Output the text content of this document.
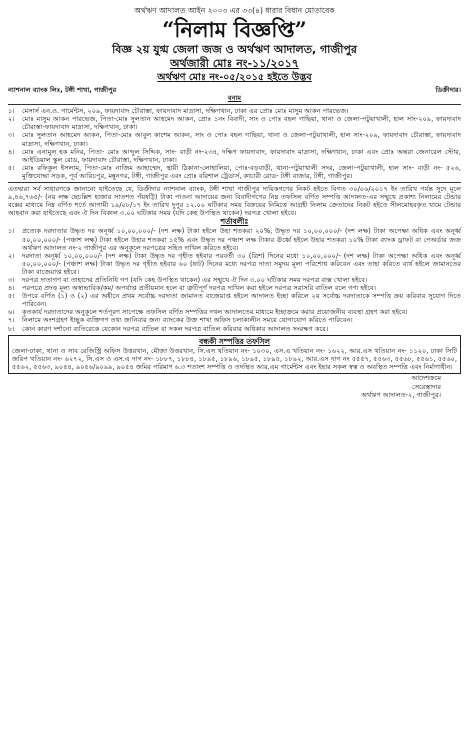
অর্থঋণ আদালত আইন ২০০৩ এর ৩৩(৪) ধারার বিধান মোতাবেক

“নিলাম বিজ্ঞপ্তি”

বিজ্ঞ ২য় যুগ্ম জেলা জজ ও অর্থঋণ আদালত, গাজীপুর

অর্থজারী মোঃ নং-১১/২০১৭

অর্থঋণ মোঃ নং-০৫/২০১৫ হইতে উদ্ভব

ন্যাশনাল ব্যাংক লিঃ, টঙ্গী শাখা, গাজীপুর	ডিক্রীদার।

বনাম

১।	মেসার্স এন.ও. গার্মেন্টস, ২০৯, ফায়দাবাদ চৌরাস্তা, ফায়দাবাদ মাদ্রাসা, দক্ষিণখান, ঢাকা এর প্রোঃ মোঃ মাসুম আকন পারভেজ।
২।	মোঃ মাসুম আকন পারভেজ, পিতা-মোঃ সুলতান আহমেদ আকন, প্রোঃ ১নং বিবাদী, সাং ও পোঃ বহল গাছিয়া, থানা ও জেলা-পটুয়াখালী, হাল সাং-২০৯, ফায়দাবাদ চৌরাস্তা-ফায়দাবাদ মাদ্রাসা, দক্ষিণখান, ঢাকা।
৩।	মোঃ সুলতান আহমেদ আকন, পিতা-মোঃ আবুল কাশেম আকন, সাং ও পোঃ বহল গাছিয়া, থানা ও জেলা-পটুয়াখালী, হাল সাং-২০৯, ফায়দাবাদ চৌরাস্তা, ফায়দাবাদ মাদ্রাসা, দক্ষিণখান, ঢাকা।
৪।	মোঃ এনামুল হক মনির, পিতা- মোঃ আব্দুল সিদ্দিক, সাং- বাড়ী নং-২৩৪, দক্ষিণ ফায়দাবাদ, ফায়দাবাদ মাদ্রাসা, দক্ষিণখান, ঢাকা এবং প্রোঃ অন্তরা জেনারেল স্টোর, আইডিয়াল স্কুল রোড, ফায়দাবাদ চৌরাস্তা, দক্ষিণখান, ঢাকা।
৫।	মোঃ রফিকুল ইসলাম, পিতা-মোঃ নাজিম আহাম্মেদ, স্থায়ী ঠিকানা-লোহালিয়া, পোঃ-বড়বাড়ী, থানা-পটুয়াখালী সদর, জেলা-পটুয়াখালী, হাল সাং- বাড়ী নং- ৫২৬, মুক্তিযোদ্ধা সড়ক, পূর্ব আরিচপুর, মন্নুনগর, টঙ্গী, গাজীপুর এবং প্রোঃ বরিশাল ট্রেডার্স, কাচারী রোড- টঙ্গী বাজার, টঙ্গী, গাজীপুর।

এতদ্বারা সর্ব সাধারণকে জানানো যাইতেছে যে, ডিক্রীদার ন্যাশনাল ব্যাংক, টঙ্গী শাখা গাজীপুর দায়িকগণের নিকট হইতে বিগত ৩০/০৬/২০১৭ ইং তারিখ পর্যন্ত সুদে মূলে ৯,৪৬,৭৬৫/- (নয় লক্ষ ছেচল্লিশ হাজার সাতশত পঁয়ষট্টি) টাকা পাওনা আদায়ের জন্য বিবাদীগণের নিম্ন তফসিল বর্ণিত সম্পত্তি আদালত-এর সম্মুখে প্রকাশ্য নিলামের টেন্ডার বক্সের মাধ্যমে নিম্ন বর্ণিত শর্তে আগামী ১৯/০৮/১৭ ইং তারিখ দুপুর ১২.০০ ঘটিকার সময় বিক্রয়ের নিমিত্তে আগ্রহী নিলাম ক্রেতাদের নিকট হইতে সীলমোহরকৃত খামে টেন্ডার আহবান করা যাইতেছে এবং ঐ দিন বিকাল ৩.০০ ঘটিকার সময় (যদি কেহ উপস্থিত থাকেন) দরপত্র খোলা হইবে।

শর্তাবলীঃ

১।	প্রত্যেক দরদাতার উদ্ধৃত দর অনূর্ধ্ব ১০,০০,০০০/- (দশ লক্ষ) টাকা হইলে উহা শতকরা ২০%, উদ্ধৃত দর ১০,০০,০০০/- (দশ লক্ষ) টাকা অপেক্ষা অধিক এবং অনূর্ধ্ব ৫০,০০,০০০/- (পঞ্চাশ লক্ষ) টাকা হইলে উহার শতকরা ১৫% এবং উদ্ধৃত দর পঞ্চাশ লক্ষ টাকার ঊর্ধ্বে হইলে উহার শতকরা ১০% টাকা ব্যাংক ড্রাফট বা পেঅর্ডার জজ অর্থঋণ আদালত নং-২ গাজীপুর এর অনুকূলে দরপত্রের সহিত দাখিল করিতে হইবে।
২।	দরদাতা অনূর্ধ্ব ১০,০০,০০০/- (দশ লক্ষ) টাকা উদ্ধৃত দর গৃহীত হইবার পরবর্তী ৩০ (ত্রিশ) দিনের মধ্যে ১০,০০,০০০/- (দশ লক্ষ) টাকা অপেক্ষা অধিক এবং অনূর্ধ্ব ৫০,০০,০০০/- (পঞ্চাশ লক্ষ) টাকা উদ্ধৃত দর গৃহীত হইবার ৬০ (ষাট) দিনের মধ্যে দরপত্র দাতা সমুদয় মূল্য পরিশোধ করিবেন এবং তাহা করিতে ব্যর্থ হইলে জামানতের টাকা বাজেয়াপ্ত হইবে।
৩।	দরপত্র দাতাগণ বা তাহাদের প্রতিনিধি গণ (যদি কেহ উপস্থিত থাকেন) এর সম্মুখে ঐ দিন ৩.০০ ঘটিকার সময় দরপত্র বাক্স খোলা হইবে।
৪।	পরপত্রে প্রদত্ত মূল্য অস্বাভাবিক/কম/ অপর্যাপ্ত প্রতীয়মান হলে বা ত্রুটিপূর্ণ দরপত্র দাখিল করা হইলে দরপত্র সরাসরি বাতিল বলে গণ্য হইবে।
৫।	উপরে বর্ণিত (১) ও (২) এর অধীনে প্রথম সর্বোচ্চ দরদাতা জামানত বাজেয়াপ্ত হইলে আদালত ইচ্ছা করিলে ২য় সর্বোচ্চ দরদাতাকে সম্পত্তি ক্রয় করিবার সুযোগ দিতে পারিবেন।
৬।	কৃতকার্য দরদাতাদের অনুকূলে শর্তপূরণ সাপেক্ষে তফসিল বর্ণিত সম্পত্তির দখল আদালতের মাধ্যমে ইচ্ছাক্রমে করার প্রয়োজনীয় ব্যবস্থা গ্রহণ করা হইবে।
৭।	নিলামে অংশগ্রহণ ইচ্ছুক ব্যক্তিগণ তথ্য জানিবার জন্য ব্যাংকের উক্ত শাখা অফিস চলাকালীন সময়ে যোগাযোগ করিতে পারিবেন।
৮।	কোন কারণ দর্শানো ব্যতিরেকে যেকোন দরপত্র বাতিল বা সকল দরপত্র বাতিল করিবার অধিকার আদালত সংরক্ষণ করে।

বন্ধকী সম্পত্তির তফসিল

জেলা-ঢাকা, থানা ও সাব রেজিস্ট্রি অফিস উত্তরখান, মৌজা উত্তরখান, সি.এস খতিয়ান নং- ১০৩০, এস.এ খতিয়ান নং- ১৬২২, আর.এস খতিয়ান নং- ১১২০, ঢাকা সিটি জরিপ খতিয়ান নং- ৬২৭২, সি.এস ও এস.এ দাগ নং- ১৮৮৭, ১৮৮৪, ১৮৯৫, ১৮৯৬, ১৮৯৫, ১৮৯৫, ১৮৯২, আর.এস দাগ নং ৫৫৫৭, ৫৫৬৩, ৫৫৬৮, ৫৫৬১, ৫৫৬০, ৫৫৬২, ৫৫৬৩, ৯০৫৪, ৯০৫৬/৯০৯৯, ৯০৫৪ জমির পরিমাণ ৬.৩ শতাংশ সম্পত্তি ও তদস্থিত আর.এম গার্মেন্টস এবং ইহার সকল স্বত্ব ও অবস্থিত সম্পত্তি এবং নির্মাণাধীন।

আদেশক্রমে

সেরেস্তাদার

অর্থঋণ আদালত-২, গাজীপুর।
